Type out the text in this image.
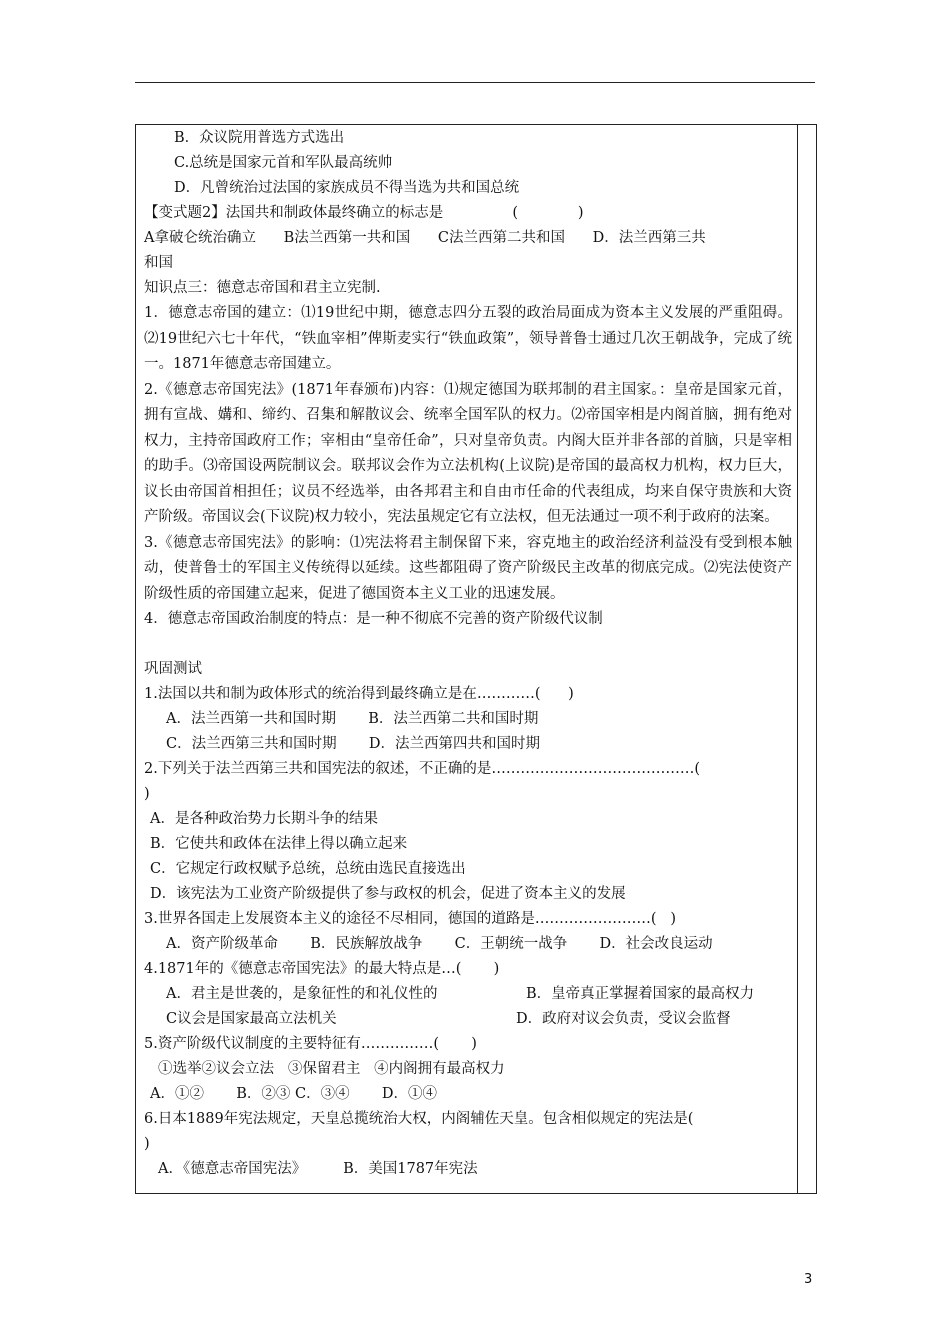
B．众议院用普选方式选出
C.总统是国家元首和军队最高统帅
D．凡曾统治过法国的家族成员不得当选为共和国总统
【变式题2】法国共和制政体最终确立的标志是               (             )
A拿破仑统治确立      B法兰西第一共和国      C法兰西第二共和国      D．法兰西第三共
和国
知识点三：德意志帝国和君主立宪制.
1．德意志帝国的建立：⑴19世纪中期，德意志四分五裂的政治局面成为资本主义发展的严重阻碍。⑵19世纪六七十年代，“铁血宰相”俾斯麦实行“铁血政策”，领导普鲁士通过几次王朝战争，完成了统一。1871年德意志帝国建立。
2.《德意志帝国宪法》(1871年春颁布)内容：⑴规定德国为联邦制的君主国家。：皇帝是国家元首，拥有宣战、媾和、缔约、召集和解散议会、统率全国军队的权力。⑵帝国宰相是内阁首脑，拥有绝对权力，主持帝国政府工作；宰相由“皇帝任命”，只对皇帝负责。内阁大臣并非各部的首脑，只是宰相的助手。⑶帝国设两院制议会。联邦议会作为立法机构(上议院)是帝国的最高权力机构，权力巨大，议长由帝国首相担任；议员不经选举，由各邦君主和自由市任命的代表组成，均来自保守贵族和大资产阶级。帝国议会(下议院)权力较小，宪法虽规定它有立法权，但无法通过一项不利于政府的法案。
3.《德意志帝国宪法》的影响：⑴宪法将君主制保留下来，容克地主的政治经济利益没有受到根本触动，使普鲁士的军国主义传统得以延续。这些都阻碍了资产阶级民主改革的彻底完成。⑵宪法使资产阶级性质的帝国建立起来，促进了德国资本主义工业的迅速发展。
4．德意志帝国政治制度的特点：是一种不彻底不完善的资产阶级代议制
巩固测试
1.法国以共和制为政体形式的统治得到最终确立是在…………(      )
A．法兰西第一共和国时期       B．法兰西第二共和国时期
C．法兰西第三共和国时期       D．法兰西第四共和国时期
2.下列关于法兰西第三共和国宪法的叙述，不正确的是……………………………………(
)
A．是各种政治势力长期斗争的结果
B．它使共和政体在法律上得以确立起来
C．它规定行政权赋予总统，总统由选民直接选出
D．该宪法为工业资产阶级提供了参与政权的机会，促进了资本主义的发展
3.世界各国走上发展资本主义的途径不尽相同，德国的道路是……………………(   )
A．资产阶级革命       B．民族解放战争       C．王朝统一战争       D．社会改良运动
4.1871年的《德意志帝国宪法》的最大特点是…(       )
A．君主是世袭的，是象征性的和礼仪性的	B．皇帝真正掌握着国家的最高权力
C议会是国家最高立法机关	D．政府对议会负责，受议会监督
5.资产阶级代议制度的主要特征有……………(       )
①选举②议会立法   ③保留君主   ④内阁拥有最高权力
A．①②       B．②③ C．③④       D．①④
6.日本1889年宪法规定，天皇总揽统治大权，内阁辅佐天皇。包含相似规定的宪法是(
)
A．《德意志帝国宪法》        B．美国1787年宪法
3
